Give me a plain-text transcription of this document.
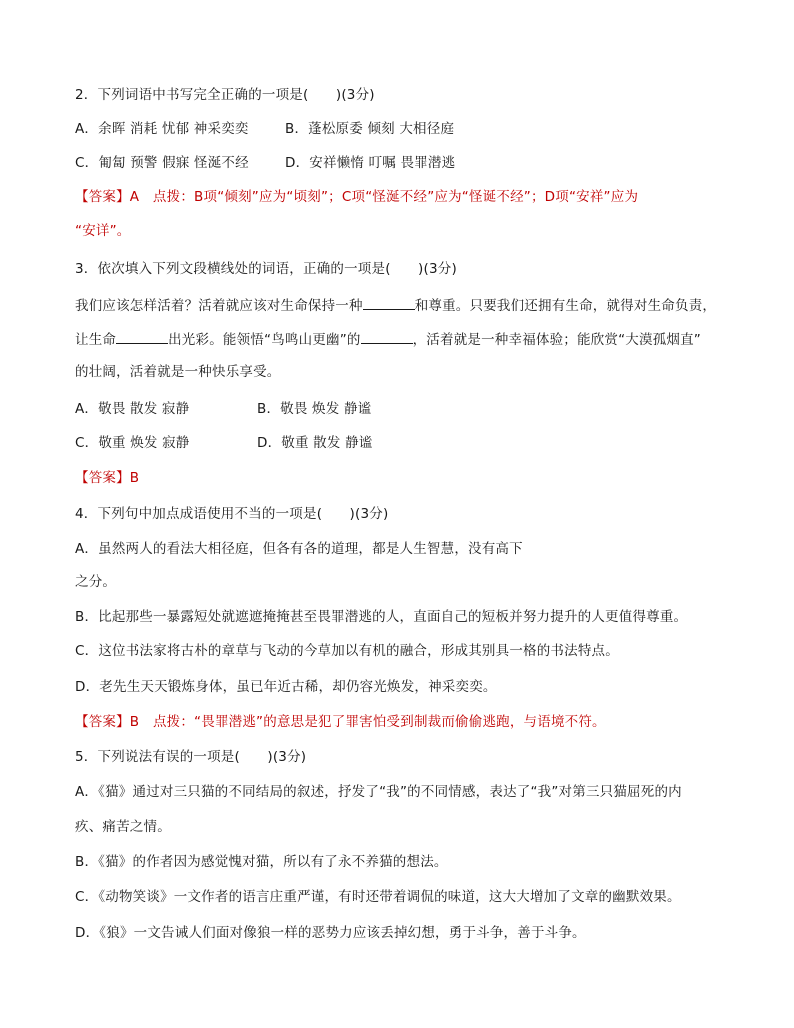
2．下列词语中书写完全正确的一项是(　　)(3分)
A．余晖 消耗 忧郁 神采奕奕	B．蓬松原委 倾刻 大相径庭
C．匍匐 预警 假寐 怪涎不经	D．安祥懒惰 叮嘱 畏罪潜逃
【答案】A　点拨：B项“倾刻”应为“顷刻”；C项“怪涎不经”应为“怪诞不经”；D项“安祥”应为
“安详”。
3．依次填入下列文段横线处的词语，正确的一项是(　　)(3分)
我们应该怎样活着？活着就应该对生命保持一种	和尊重。只要我们还拥有生命，就得对生命负责，
让生命	出光彩。能领悟“鸟鸣山更幽”的	，活着就是一种幸福体验；能欣赏“大漠孤烟直”
的壮阔，活着就是一种快乐享受。
A．敬畏 散发 寂静	B．敬畏 焕发 静谧
C．敬重 焕发 寂静	D．敬重 散发 静谧
【答案】B
4．下列句中加点成语使用不当的一项是(　　)(3分)
A．虽然两人的看法大相径庭，但各有各的道理，都是人生智慧，没有高下
之分。
B．比起那些一暴露短处就遮遮掩掩甚至畏罪潜逃的人，直面自己的短板并努力提升的人更值得尊重。
C．这位书法家将古朴的章草与飞动的今草加以有机的融合，形成其别具一格的书法特点。
D．老先生天天锻炼身体，虽已年近古稀，却仍容光焕发，神采奕奕。
【答案】B　点拨：“畏罪潜逃”的意思是犯了罪害怕受到制裁而偷偷逃跑，与语境不符。
5．下列说法有误的一项是(　　)(3分)
A．《猫》通过对三只猫的不同结局的叙述，抒发了“我”的不同情感，表达了“我”对第三只猫屈死的内
疚、痛苦之情。
B．《猫》的作者因为感觉愧对猫，所以有了永不养猫的想法。
C．《动物笑谈》一文作者的语言庄重严谨，有时还带着调侃的味道，这大大增加了文章的幽默效果。
D．《狼》一文告诫人们面对像狼一样的恶势力应该丢掉幻想，勇于斗争，善于斗争。
